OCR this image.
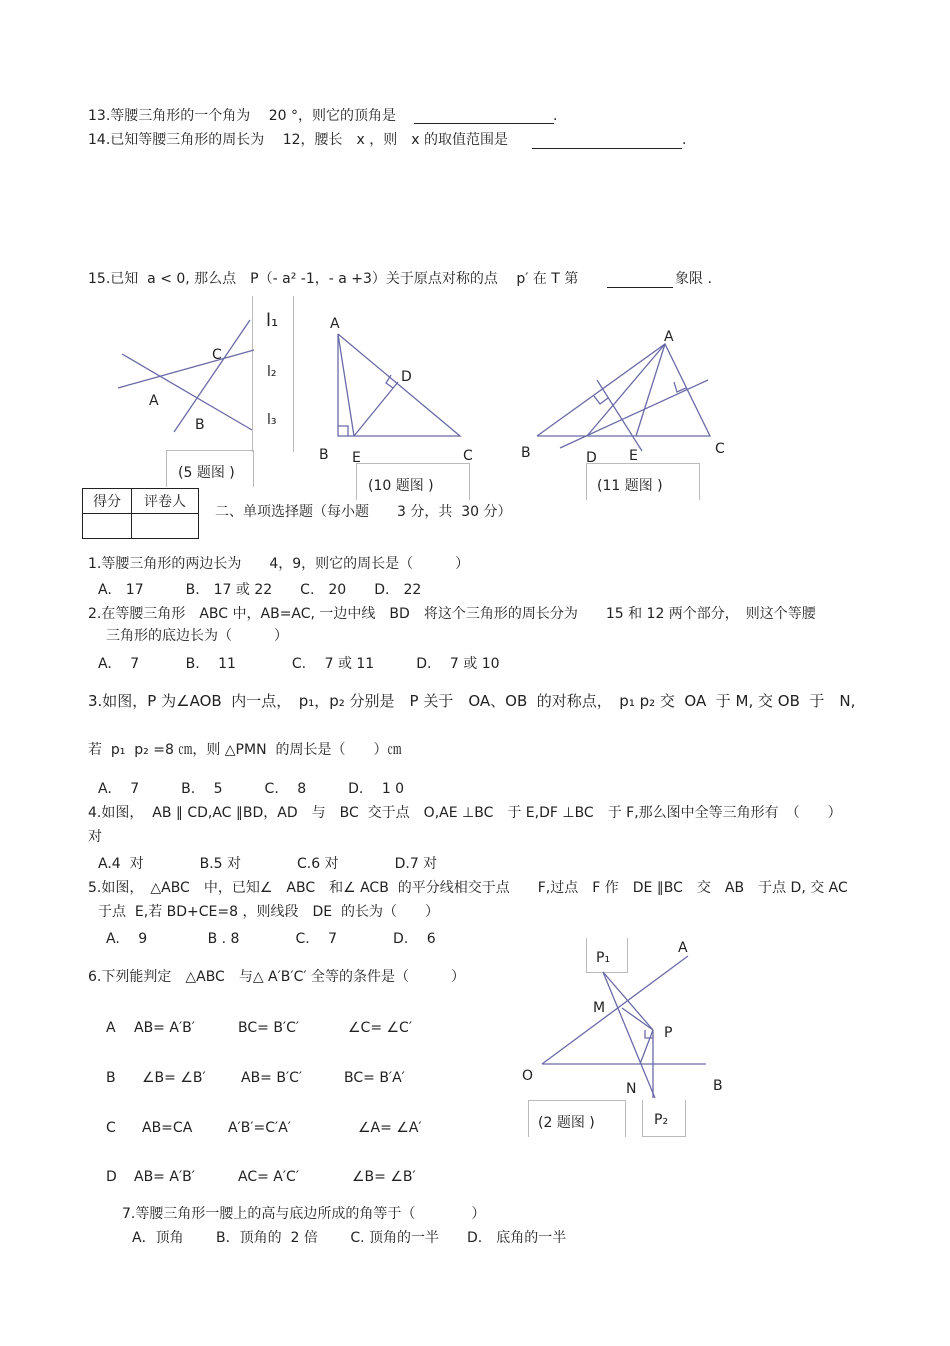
13.等腰三角形的一个角为　 20 °，则它的顶角是	.
14.已知等腰三角形的周长为　 12，腰长　x ，则　x 的取值范围是	.
15.已知  a < 0, 那么点　P（- a² -1，- a +3）关于原点对称的点　 p′ 在 T 第	象限 .
(5 题图 )
C
A
B
l₁
l₂
l₃
(10 题图 )
A
D
B E	C
(11 题图 )
A
B	D E	C
得分	评卷人

二、单项选择题（每小题　　3 分，共  30 分）
1.等腰三角形的两边长为　　4，9，则它的周长是（　　　）
A.　17　　　B.　17 或 22　　C.　20　　D.　22
2.在等腰三角形　ABC 中，AB=AC, 一边中线　BD　将这个三角形的周长分为　　15 和 12 两个部分，　则这个等腰
三角形的底边长为（　　　）
A.　 7　　　 B.　 11　　　　C.　 7 或 11　　　D.　 7 或 10
3.如图，P 为∠AOB  内一点，　p₁，p₂ 分别是　P 关于　OA、OB  的对称点，　p₁ p₂ 交  OA  于 M, 交 OB  于　N,
若  p₁  p₂ =8 ㎝，则 △PMN  的周长是（　　）㎝
A.　 7　　　B.　 5　　　C.　 8　　　D.　 1 0
4.如图，  AB ∥ CD,AC ∥BD，AD　与　BC  交于点　O,AE ⊥BC　于 E,DF ⊥BC　于 F,那么图中全等三角形有　（　　）
对
A.4  对　　　　B.5 对　　　　C.6 对　　　　D.7 对
5.如图，　△ABC　中，已知∠　ABC　和∠ ACB  的平分线相交于点　　F,过点　F 作　DE ∥BC　交　AB　于点 D, 交 AC
于点  E,若 BD+CE=8 ，则线段　DE  的长为（　　）
A.　 9　　　　 B . 8　　　　C.　 7　　　　D.　 6
6.下列能判定　△ABC　与△ A′B′C′ 全等的条件是（　　　）
A AB= A′B′	BC= B′C′	∠C= ∠C′
B ∠B= ∠B′	AB= B′C′	BC= B′A′
C AB=CA	A′B′=C′A′	∠A= ∠A′
D AB= A′B′	AC= A′C′	∠B= ∠B′
(2 题图 )
P₁
A
M
P
O
N	B
P₂
7.等腰三角形一腰上的高与底边所成的角等于（　　　　）
A．顶角　　 B．顶角的  2 倍　　 C. 顶角的一半　　D.　底角的一半
